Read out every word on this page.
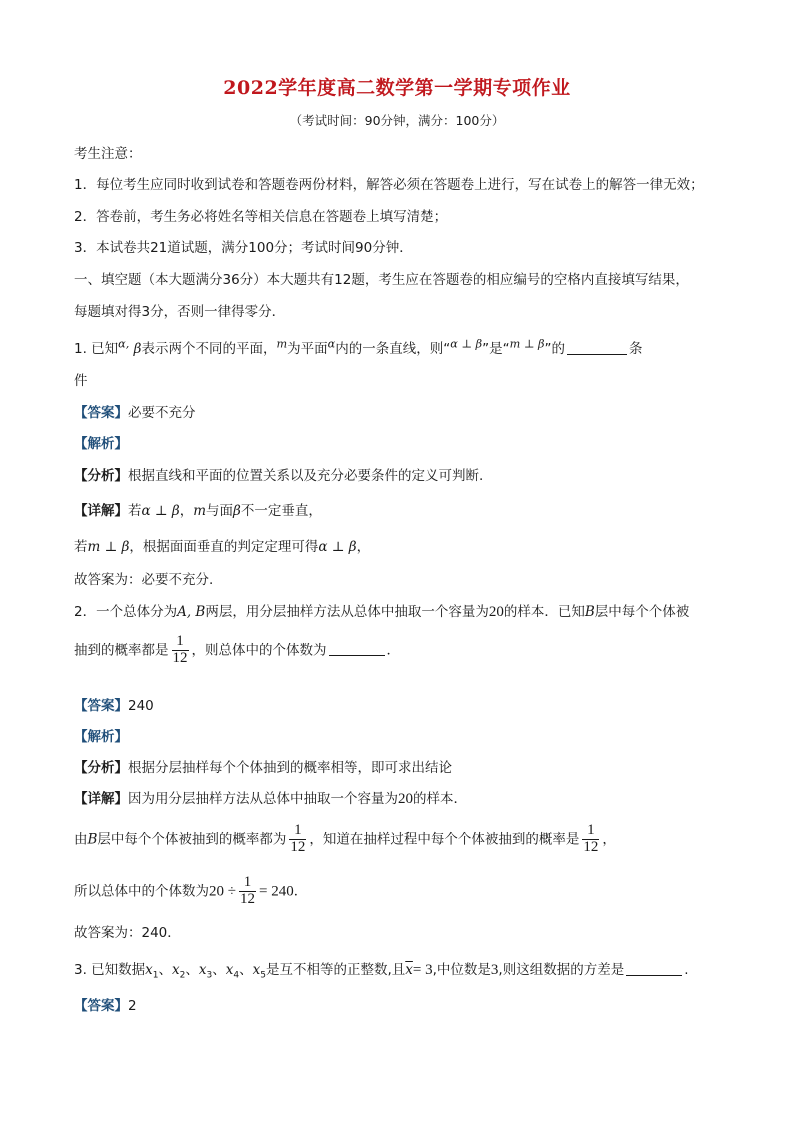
2022学年度高二数学第一学期专项作业
（考试时间：90分钟，满分：100分）
考生注意：
1．每位考生应同时收到试卷和答题卷两份材料，解答必须在答题卷上进行，写在试卷上的解答一律无效；
2．答卷前，考生务必将姓名等相关信息在答题卷上填写清楚；
3．本试卷共21道试题，满分100分；考试时间90分钟．
一、填空题（本大题满分36分）本大题共有12题，考生应在答题卷的相应编号的空格内直接填写结果，
每题填对得3分，否则一律得零分．
1. 已知$^{\alpha,}$ β表示两个不同的平面，$^m$为平面$^\alpha$内的一条直线，则“$^{\alpha \perp \beta}$”是“$^{m \perp \beta}$”的	条
件
【答案】必要不充分
【解析】
【分析】根据直线和平面的位置关系以及充分必要条件的定义可判断.
【详解】若α ⊥ β，m与面β不一定垂直，
若m ⊥ β，根据面面垂直的判定定理可得α ⊥ β，
故答案为：必要不充分.
2．一个总体分为A, B两层，用分层抽样方法从总体中抽取一个容量为20的样本．已知B层中每个个体被
抽到的概率都是 $\frac{1}{12}$ ，则总体中的个体数为	．
【答案】240
【解析】
【分析】根据分层抽样每个个体抽到的概率相等，即可求出结论
【详解】因为用分层抽样方法从总体中抽取一个容量为20的样本．
由B层中每个个体被抽到的概率都为 $\frac{1}{12}$ ，知道在抽样过程中每个个体被抽到的概率是 $\frac{1}{12}$ ，
所以总体中的个体数为$20 \div \frac{1}{12} = 240$．
故答案为：240．
3. 已知数据$x_1$、$x_2$、$x_3$、$x_4$、$x_5$是互不相等的正整数,且$\overline{x}= 3$,中位数是3,则这组数据的方差是	.
【答案】2
